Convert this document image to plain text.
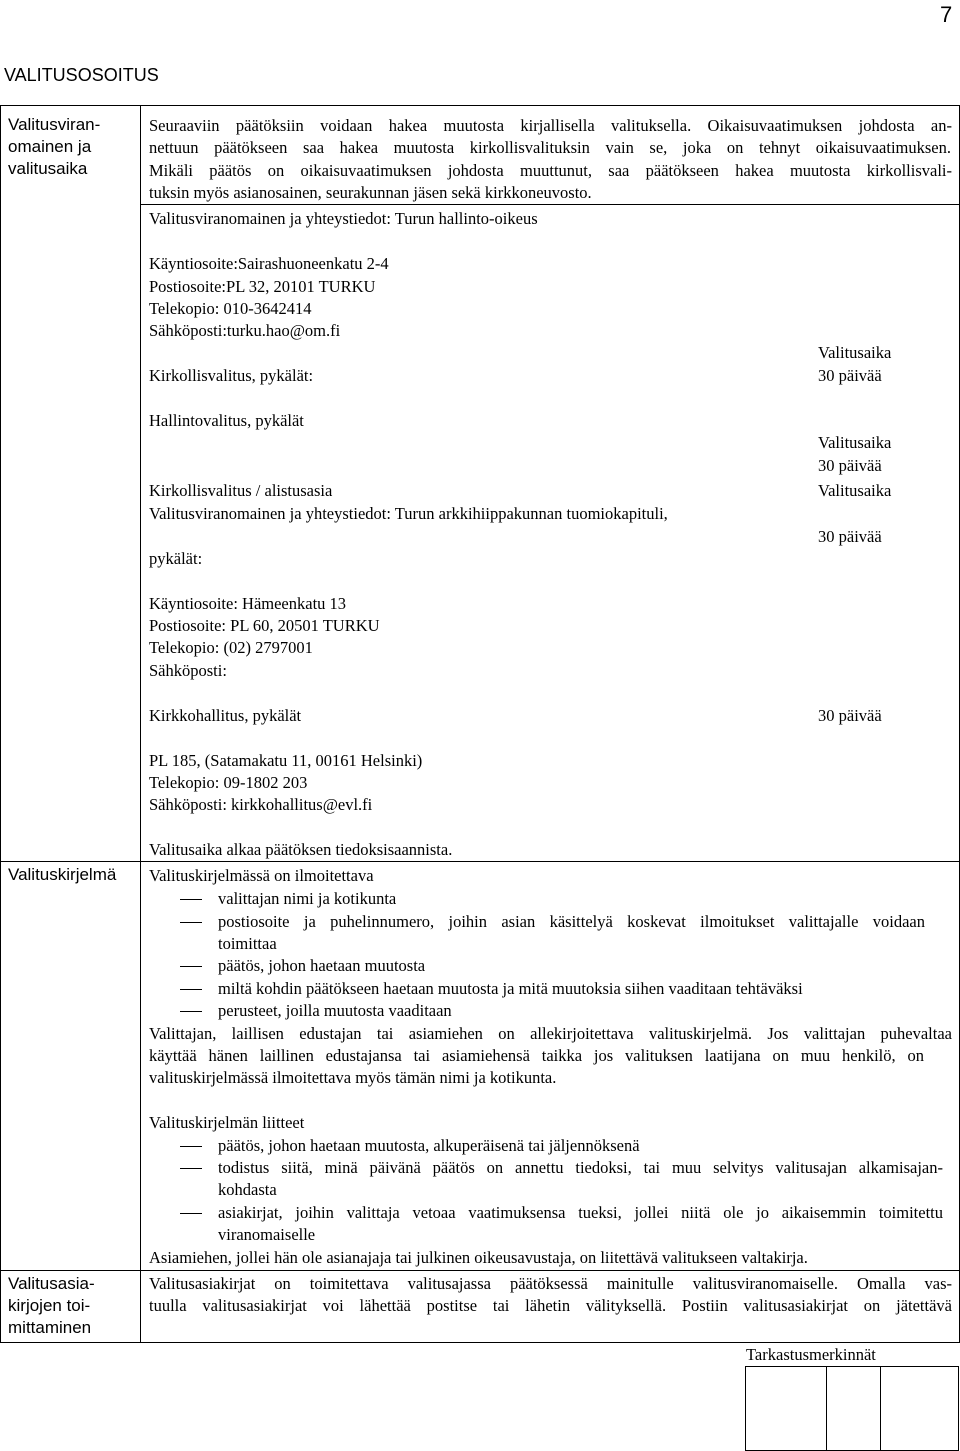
7
VALITUSOSOITUS
Valitusviran-
omainen ja
valitusaika
Valituskirjelmä
Valitusasia-
kirjojen toi-
mittaminen
Seuraaviin päätöksiin voidaan hakea muutosta kirjallisella valituksella. Oikaisuvaatimuksen johdosta an-
nettuun päätökseen saa hakea muutosta kirkollisvalituksin vain se, joka on tehnyt oikaisuvaatimuksen.
Mikäli päätös on oikaisuvaatimuksen johdosta muuttunut, saa päätökseen hakea muutosta kirkollisvali-
tuksin myös asianosainen, seurakunnan jäsen sekä kirkkoneuvosto.
Valitusviranomainen ja yhteystiedot: Turun hallinto-oikeus
Käyntiosoite:Sairashuoneenkatu 2-4
Postiosoite:PL 32, 20101 TURKU
Telekopio: 010-3642414
Sähköposti:turku.hao@om.fi
Kirkollisvalitus, pykälät:
Hallintovalitus, pykälät
Kirkollisvalitus / alistusasia
Valitusviranomainen ja yhteystiedot: Turun arkkihiippakunnan tuomiokapituli,
pykälät:
Valitusaika
30 päivää
Valitusaika
30 päivää
Valitusaika
30 päivää
30 päivää
Käyntiosoite: Hämeenkatu 13
Postiosoite: PL 60, 20501 TURKU
Telekopio: (02) 2797001
Sähköposti:
Kirkkohallitus, pykälät
PL 185, (Satamakatu 11, 00161 Helsinki)
Telekopio: 09-1802 203
Sähköposti: kirkkohallitus@evl.fi
Valitusaika alkaa päätöksen tiedoksisaannista.
Valituskirjelmässä on ilmoitettava
valittajan nimi ja kotikunta
postiosoite ja puhelinnumero, joihin asian käsittelyä koskevat ilmoitukset valittajalle voidaan
toimittaa
päätös, johon haetaan muutosta
miltä kohdin päätökseen haetaan muutosta ja mitä muutoksia siihen vaaditaan tehtäväksi
perusteet, joilla muutosta vaaditaan
Valittajan, laillisen edustajan tai asiamiehen on allekirjoitettava valituskirjelmä. Jos valittajan puhevaltaa
käyttää hänen laillinen edustajansa tai asiamiehensä taikka jos valituksen laatijana on muu henkilö, on
valituskirjelmässä ilmoitettava myös tämän nimi ja kotikunta.
Valituskirjelmän liitteet
päätös, johon haetaan muutosta, alkuperäisenä tai jäljennöksenä
todistus siitä, minä päivänä päätös on annettu tiedoksi, tai muu selvitys valitusajan alkamisajan-
kohdasta
asiakirjat, joihin valittaja vetoaa vaatimuksensa tueksi, jollei niitä ole jo aikaisemmin toimitettu
viranomaiselle
Asiamiehen, jollei hän ole asianajaja tai julkinen oikeusavustaja, on liitettävä valitukseen valtakirja.
Valitusasiakirjat on toimitettava valitusajassa päätöksessä mainitulle valitusviranomaiselle. Omalla vas-
tuulla valitusasiakirjat voi lähettää postitse tai lähetin välityksellä. Postiin valitusasiakirjat on jätettävä
Tarkastusmerkinnät
